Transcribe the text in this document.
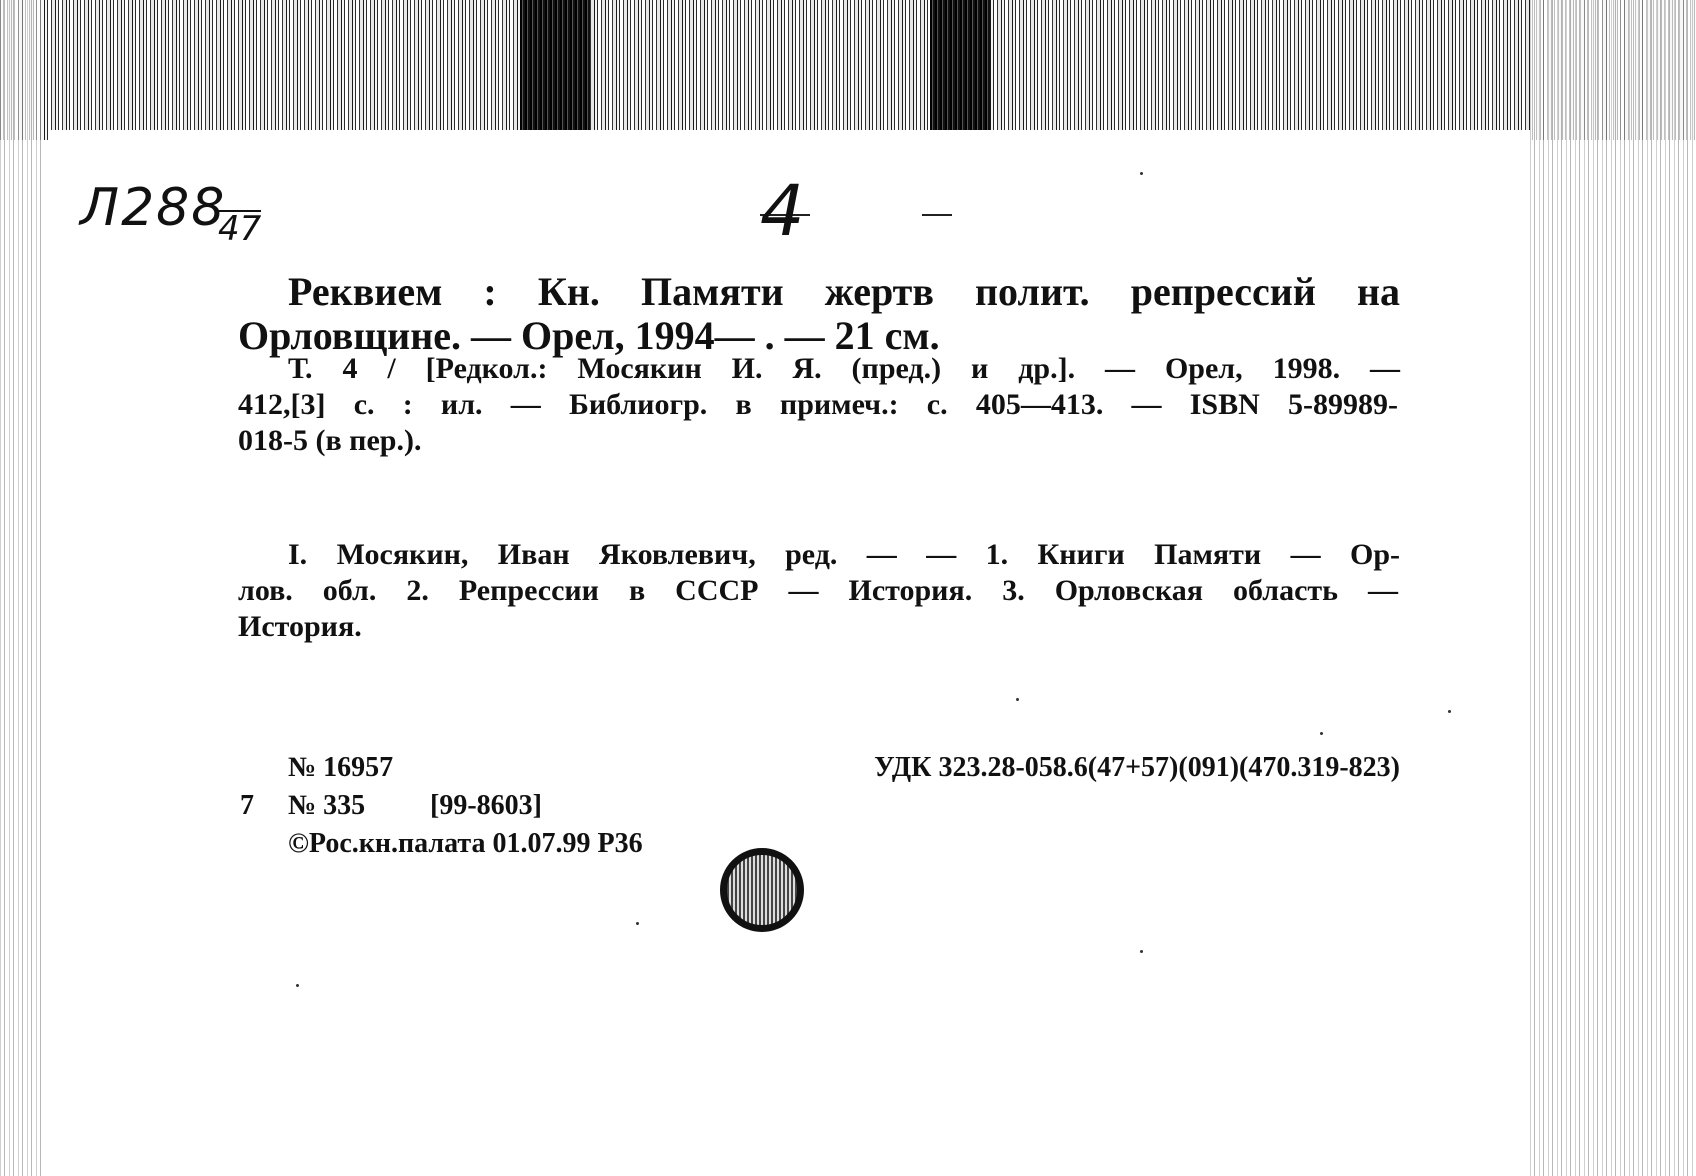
Л288
47	4
Реквием : Кн. Памяти жертв полит. репрессий на
Орловщине. — Орел, 1994— . — 21 см.
Т. 4 / [Редкол.: Мосякин И. Я. (пред.) и др.]. — Орел, 1998. —
412,[3] с. : ил. — Библиогр. в примеч.: с. 405—413. — ISBN 5-89989-
018-5 (в пер.).
I. Мосякин, Иван Яковлевич, ред. — — 1. Книги Памяти — Ор-
лов. обл. 2. Репрессии в СССР — История. 3. Орловская область —
История.
№ 16957	УДК 323.28-058.6(47+57)(091)(470.319-823)
7 № 335 [99-8603]
©Рос.кн.палата 01.07.99 Р36
